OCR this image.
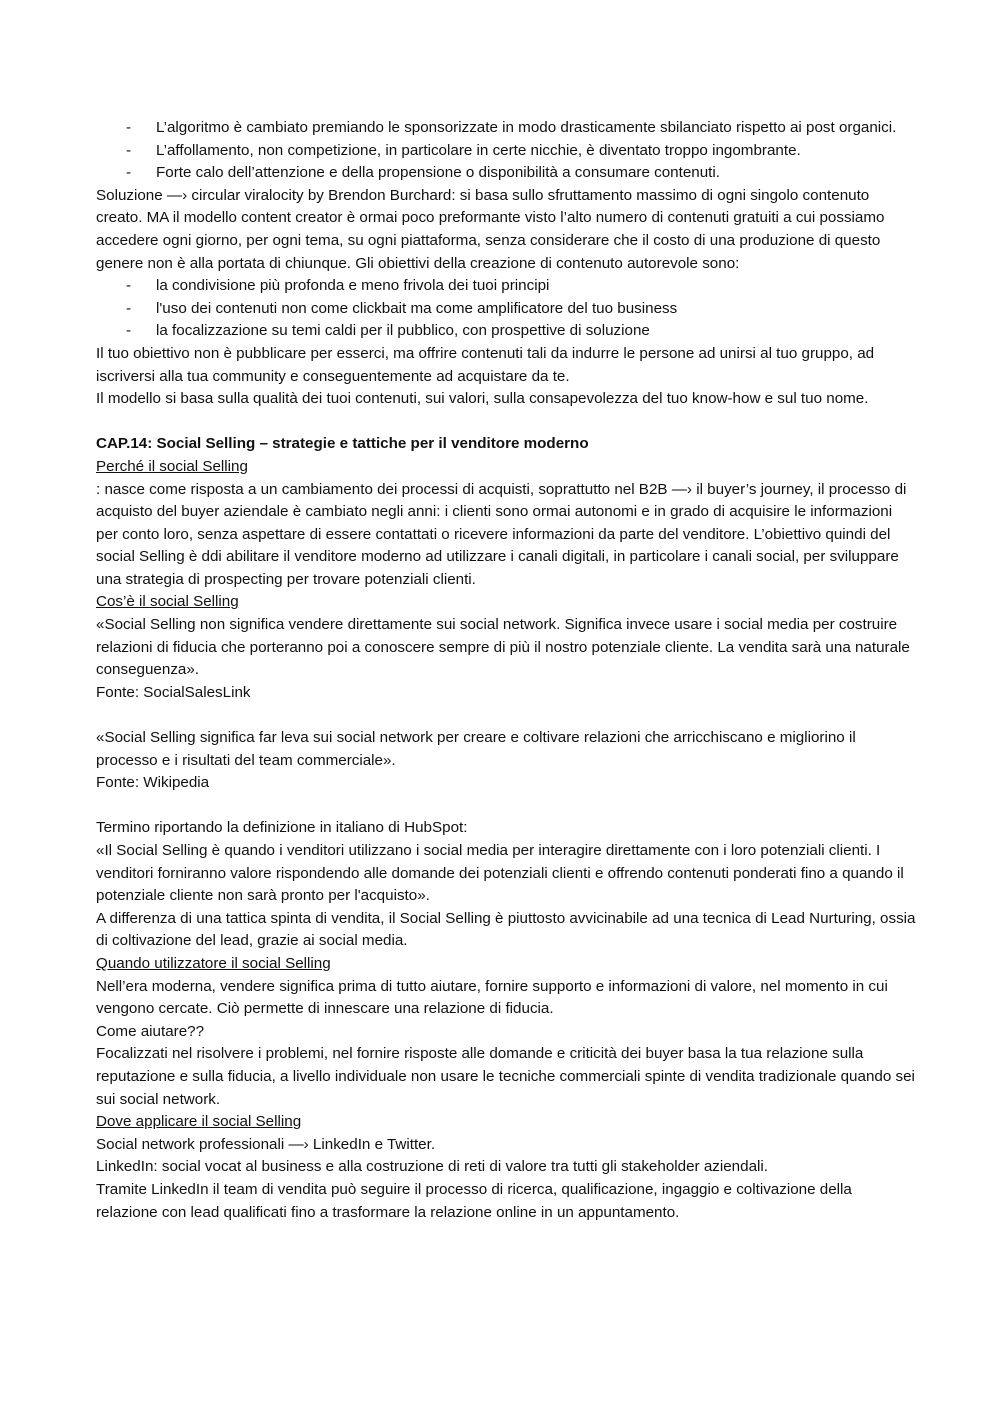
- L’algoritmo è cambiato premiando le sponsorizzate in modo drasticamente sbilanciato rispetto ai post organici.
- L’affollamento, non competizione, in particolare in certe nicchie, è diventato troppo ingombrante.
- Forte calo dell’attenzione e della propensione o disponibilità a consumare contenuti.

Soluzione —› circular viralocity by Brendon Burchard: si basa sullo sfruttamento massimo di ogni singolo contenuto creato. MA il modello content creator è ormai poco preformante visto l’alto numero di contenuti gratuiti a cui possiamo accedere ogni giorno, per ogni tema, su ogni piattaforma, senza considerare che il costo di una produzione di questo genere non è alla portata di chiunque. Gli obiettivi della creazione di contenuto autorevole sono:

- la condivisione più profonda e meno frivola dei tuoi principi
- l'uso dei contenuti non come clickbait ma come amplificatore del tuo business
- la focalizzazione su temi caldi per il pubblico, con prospettive di soluzione

Il tuo obiettivo non è pubblicare per esserci, ma offrire contenuti tali da indurre le persone ad unirsi al tuo gruppo, ad iscriversi alla tua community e conseguentemente ad acquistare da te.

Il modello si basa sulla qualità dei tuoi contenuti, sui valori, sulla consapevolezza del tuo know-how e sul tuo nome.

CAP.14: Social Selling – strategie e tattiche per il venditore moderno

Perché il social Selling

: nasce come risposta a un cambiamento dei processi di acquisti, soprattutto nel B2B —› il buyer’s journey, il processo di acquisto del buyer aziendale è cambiato negli anni: i clienti sono ormai autonomi e in grado di acquisire le informazioni per conto loro, senza aspettare di essere contattati o ricevere informazioni da parte del venditore. L’obiettivo quindi del social Selling è ddi abilitare il venditore moderno ad utilizzare i canali digitali, in particolare i canali social, per sviluppare una strategia di prospecting per trovare potenziali clienti.

Cos’è il social Selling

«Social Selling non significa vendere direttamente sui social network. Significa invece usare i social media per costruire relazioni di fiducia che porteranno poi a conoscere sempre di più il nostro potenziale cliente. La vendita sarà una naturale conseguenza».

Fonte: SocialSalesLink

«Social Selling significa far leva sui social network per creare e coltivare relazioni che arricchiscano e migliorino il processo e i risultati del team commerciale».

Fonte: Wikipedia

Termino riportando la definizione in italiano di HubSpot:

«Il Social Selling è quando i venditori utilizzano i social media per interagire direttamente con i loro potenziali clienti. I venditori forniranno valore rispondendo alle domande dei potenziali clienti e offrendo contenuti ponderati fino a quando il potenziale cliente non sarà pronto per l'acquisto».

A differenza di una tattica spinta di vendita, il Social Selling è piuttosto avvicinabile ad una tecnica di Lead Nurturing, ossia di coltivazione del lead, grazie ai social media.

Quando utilizzatore il social Selling

Nell’era moderna, vendere significa prima di tutto aiutare, fornire supporto e informazioni di valore, nel momento in cui vengono cercate. Ciò permette di innescare una relazione di fiducia.

Come aiutare??

Focalizzati nel risolvere i problemi, nel fornire risposte alle domande e criticità dei buyer basa la tua relazione sulla reputazione e sulla fiducia, a livello individuale non usare le tecniche commerciali spinte di vendita tradizionale quando sei sui social network.

Dove applicare il social Selling

Social network professionali —› LinkedIn e Twitter.

LinkedIn: social vocat al business e alla costruzione di reti di valore tra tutti gli stakeholder aziendali.

Tramite LinkedIn il team di vendita può seguire il processo di ricerca, qualificazione, ingaggio e coltivazione della relazione con lead qualificati fino a trasformare la relazione online in un appuntamento.
